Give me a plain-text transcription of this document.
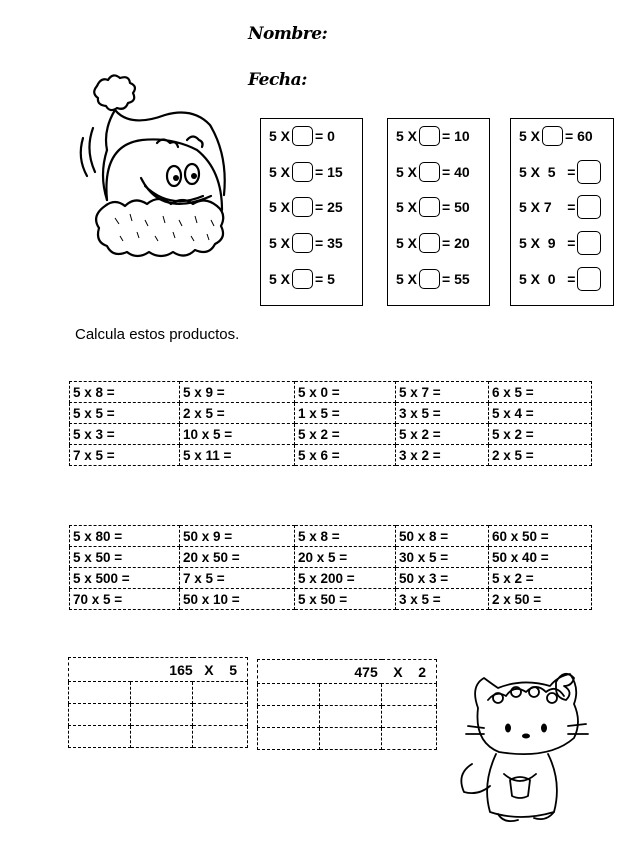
Nombre:
Fecha:
5 X = 0
5 X = 15
5 X = 25
5 X = 35
5 X = 5
5 X = 10
5 X = 40
5 X = 50
5 X = 20
5 X = 55
5 X = 60
5 X  5   =
5 X 7    =
5 X  9   =
5 X  0   =
Calcula estos productos.
5 x 8 =	5 x 9 =	5 x 0 =	5 x 7 =	6 x 5 =
5 x 5 =	2 x 5 =	1 x 5 =	3 x 5 =	5 x 4 =
5 x 3 =	10 x 5 =	5 x 2 =	5 x 2 =	5 x 2 =
7 x 5 =	5 x 11 =	5 x 6 =	3 x 2 =	2 x 5 =
5 x 80 =	50 x 9 =	5 x 8 =	50 x 8 =	60 x 50 =
5 x 50 =	20 x 50 =	20 x 5 =	30 x 5 =	50 x 40 =
5 x 500 =	7 x 5 =	5 x 200 =	50 x 3 =	5 x 2 =
70 x 5 =	50 x 10 =	5 x 50 =	3 x 5 =	2 x 50 =
165   X    5		

			475    X    2		
